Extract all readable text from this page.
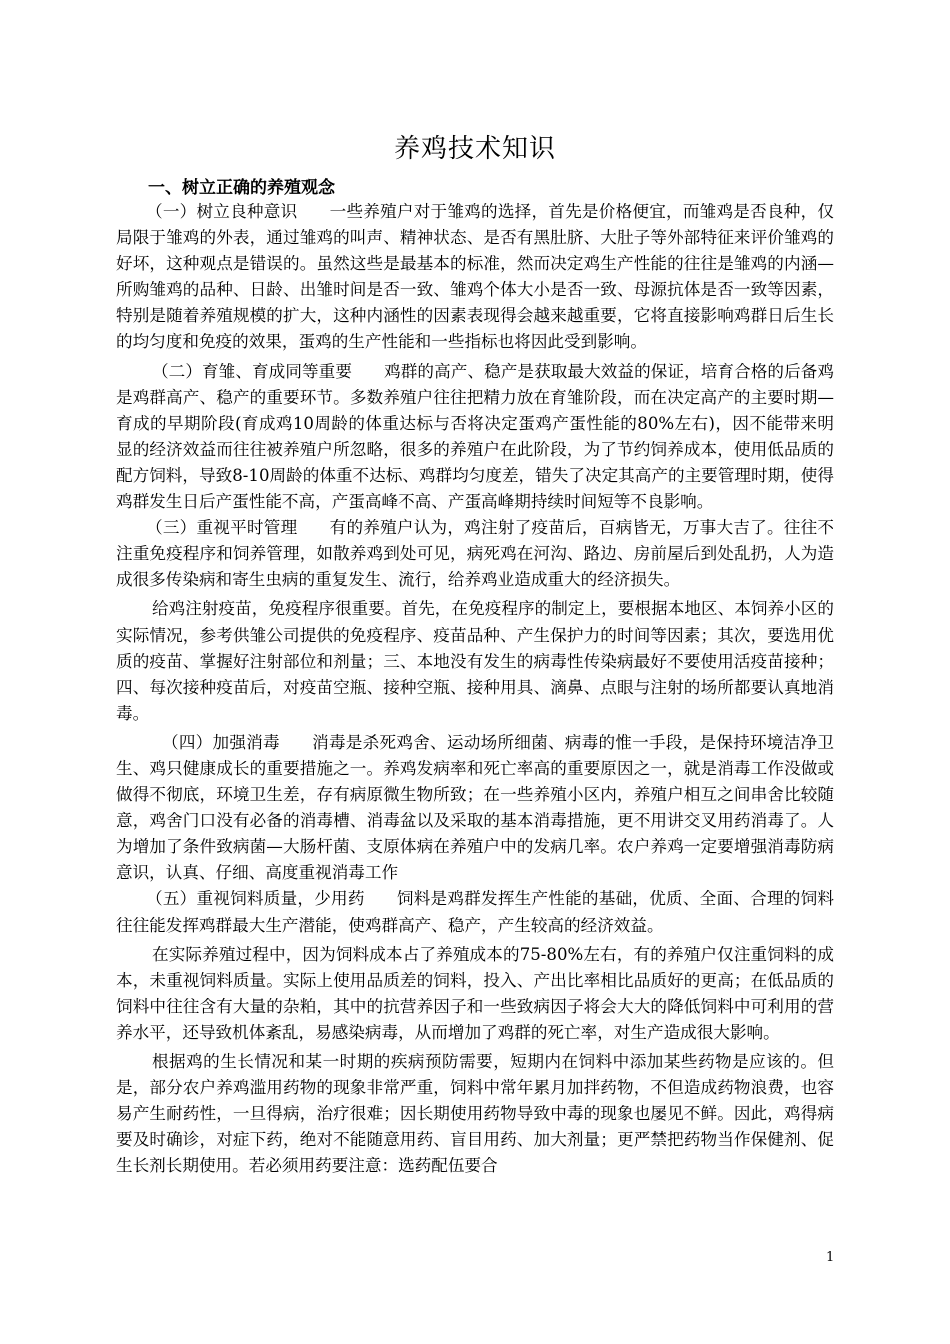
养鸡技术知识
一、树立正确的养殖观念

（一）树立良种意识 一些养殖户对于雏鸡的选择，首先是价格便宜，而雏鸡是否良种，仅局限于雏鸡的外表，通过雏鸡的叫声、精神状态、是否有黑肚脐、大肚子等外部特征来评价雏鸡的好坏，这种观点是错误的。虽然这些是最基本的标准，然而决定鸡生产性能的往往是雏鸡的内涵—所购雏鸡的品种、日龄、出雏时间是否一致、雏鸡个体大小是否一致、母源抗体是否一致等因素，特别是随着养殖规模的扩大，这种内涵性的因素表现得会越来越重要，它将直接影响鸡群日后生长的均匀度和免疫的效果，蛋鸡的生产性能和一些指标也将因此受到影响。

（二）育雏、育成同等重要 鸡群的高产、稳产是获取最大效益的保证，培育合格的后备鸡是鸡群高产、稳产的重要环节。多数养殖户往往把精力放在育雏阶段，而在决定高产的主要时期—育成的早期阶段(育成鸡10周龄的体重达标与否将决定蛋鸡产蛋性能的80%左右)，因不能带来明显的经济效益而往往被养殖户所忽略，很多的养殖户在此阶段，为了节约饲养成本，使用低品质的配方饲料，导致8-10周龄的体重不达标、鸡群均匀度差，错失了决定其高产的主要管理时期，使得鸡群发生日后产蛋性能不高，产蛋高峰不高、产蛋高峰期持续时间短等不良影响。

（三）重视平时管理 有的养殖户认为，鸡注射了疫苗后，百病皆无，万事大吉了。往往不注重免疫程序和饲养管理，如散养鸡到处可见，病死鸡在河沟、路边、房前屋后到处乱扔，人为造成很多传染病和寄生虫病的重复发生、流行，给养鸡业造成重大的经济损失。

给鸡注射疫苗，免疫程序很重要。首先，在免疫程序的制定上，要根据本地区、本饲养小区的实际情况，参考供雏公司提供的免疫程序、疫苗品种、产生保护力的时间等因素；其次，要选用优质的疫苗、掌握好注射部位和剂量；三、本地没有发生的病毒性传染病最好不要使用活疫苗接种；四、每次接种疫苗后，对疫苗空瓶、接种空瓶、接种用具、滴鼻、点眼与注射的场所都要认真地消毒。

（四）加强消毒 消毒是杀死鸡舍、运动场所细菌、病毒的惟一手段，是保持环境洁净卫生、鸡只健康成长的重要措施之一。养鸡发病率和死亡率高的重要原因之一，就是消毒工作没做或做得不彻底，环境卫生差，存有病原微生物所致；在一些养殖小区内，养殖户相互之间串舍比较随意，鸡舍门口没有必备的消毒槽、消毒盆以及采取的基本消毒措施，更不用讲交叉用药消毒了。人为增加了条件致病菌—大肠杆菌、支原体病在养殖户中的发病几率。农户养鸡一定要增强消毒防病意识，认真、仔细、高度重视消毒工作

（五）重视饲料质量，少用药 饲料是鸡群发挥生产性能的基础，优质、全面、合理的饲料往往能发挥鸡群最大生产潜能，使鸡群高产、稳产，产生较高的经济效益。

在实际养殖过程中，因为饲料成本占了养殖成本的75-80%左右，有的养殖户仅注重饲料的成本，未重视饲料质量。实际上使用品质差的饲料，投入、产出比率相比品质好的更高；在低品质的饲料中往往含有大量的杂粕，其中的抗营养因子和一些致病因子将会大大的降低饲料中可利用的营养水平，还导致机体紊乱，易感染病毒，从而增加了鸡群的死亡率，对生产造成很大影响。

根据鸡的生长情况和某一时期的疾病预防需要，短期内在饲料中添加某些药物是应该的。但是，部分农户养鸡滥用药物的现象非常严重，饲料中常年累月加拌药物，不但造成药物浪费，也容易产生耐药性，一旦得病，治疗很难；因长期使用药物导致中毒的现象也屡见不鲜。因此，鸡得病要及时确诊，对症下药，绝对不能随意用药、盲目用药、加大剂量；更严禁把药物当作保健剂、促生长剂长期使用。若必须用药要注意：选药配伍要合

1
